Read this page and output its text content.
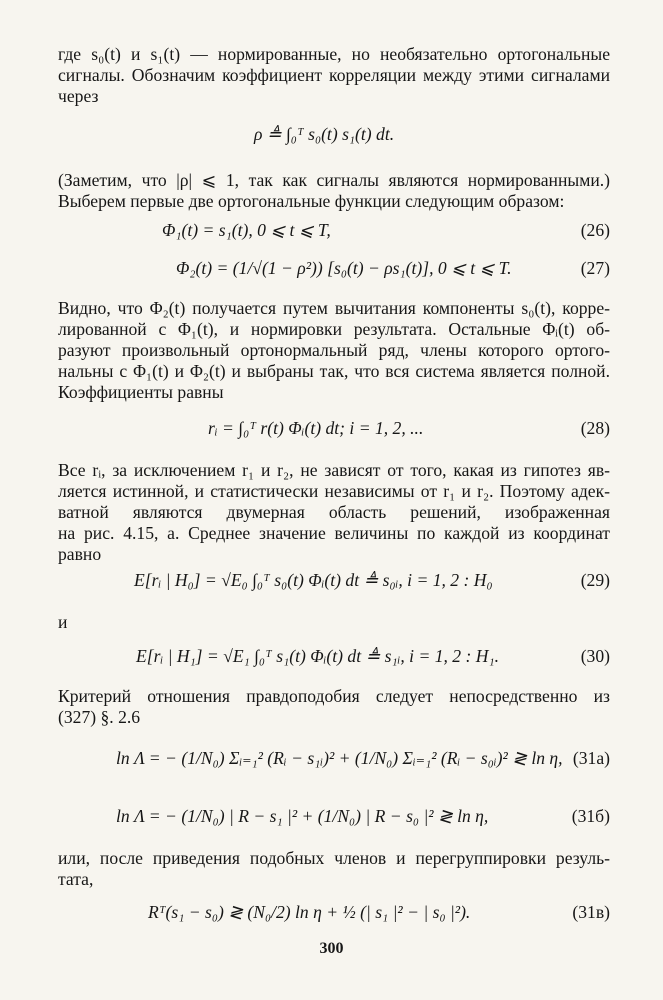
где s₀(t) и s₁(t) — нормированные, но необязательно ортогональные
сигналы. Обозначим коэффициент корреляции между этими сигналами
через
ρ ≜ ∫₀ᵀ s₀(t) s₁(t) dt.
(Заметим, что |ρ| ⩽ 1, так как сигналы являются нормированными.)
Выберем первые две ортогональные функции следующим образом:
Φ₁(t) = s₁(t), 0 ⩽ t ⩽ T,	(26)
Φ₂(t) = (1/√(1 − ρ²)) [s₀(t) − ρs₁(t)], 0 ⩽ t ⩽ T.	(27)
Видно, что Φ₂(t) получается путем вычитания компоненты s₀(t), корре-
лированной с Φ₁(t), и нормировки результата. Остальные Φᵢ(t) об-
разуют произвольный ортонормальный ряд, члены которого ортого-
нальны с Φ₁(t) и Φ₂(t) и выбраны так, что вся система является полной.
Коэффициенты равны
rᵢ = ∫₀ᵀ r(t) Φᵢ(t) dt; i = 1, 2, ...	(28)
Все rᵢ, за исключением r₁ и r₂, не зависят от того, какая из гипотез яв-
ляется истинной, и статистически независимы от r₁ и r₂. Поэтому адек-
ватной являются двумерная область решений, изображенная
на рис. 4.15, а. Среднее значение величины по каждой из координат
равно
E[rᵢ | H₀] = √E₀ ∫₀ᵀ s₀(t) Φᵢ(t) dt ≜ s₀ᵢ, i = 1, 2 : H₀	(29)
и
E[rᵢ | H₁] = √E₁ ∫₀ᵀ s₁(t) Φᵢ(t) dt ≜ s₁ᵢ, i = 1, 2 : H₁.	(30)
Критерий отношения правдоподобия следует непосредственно из
(327) §. 2.6
ln Λ = − (1/N₀) Σᵢ₌₁² (Rᵢ − s₁ᵢ)² + (1/N₀) Σᵢ₌₁² (Rᵢ − s₀ᵢ)² ≷ ln η, (31а)
ln Λ = − (1/N₀) | R − s₁ |² + (1/N₀) | R − s₀ |² ≷ ln η,	(31б)
или, после приведения подобных членов и перегруппировки резуль-
тата,
Rᵀ(s₁ − s₀) ≷ (N₀/2) ln η + ½ (| s₁ |² − | s₀ |²).	(31в)
300
